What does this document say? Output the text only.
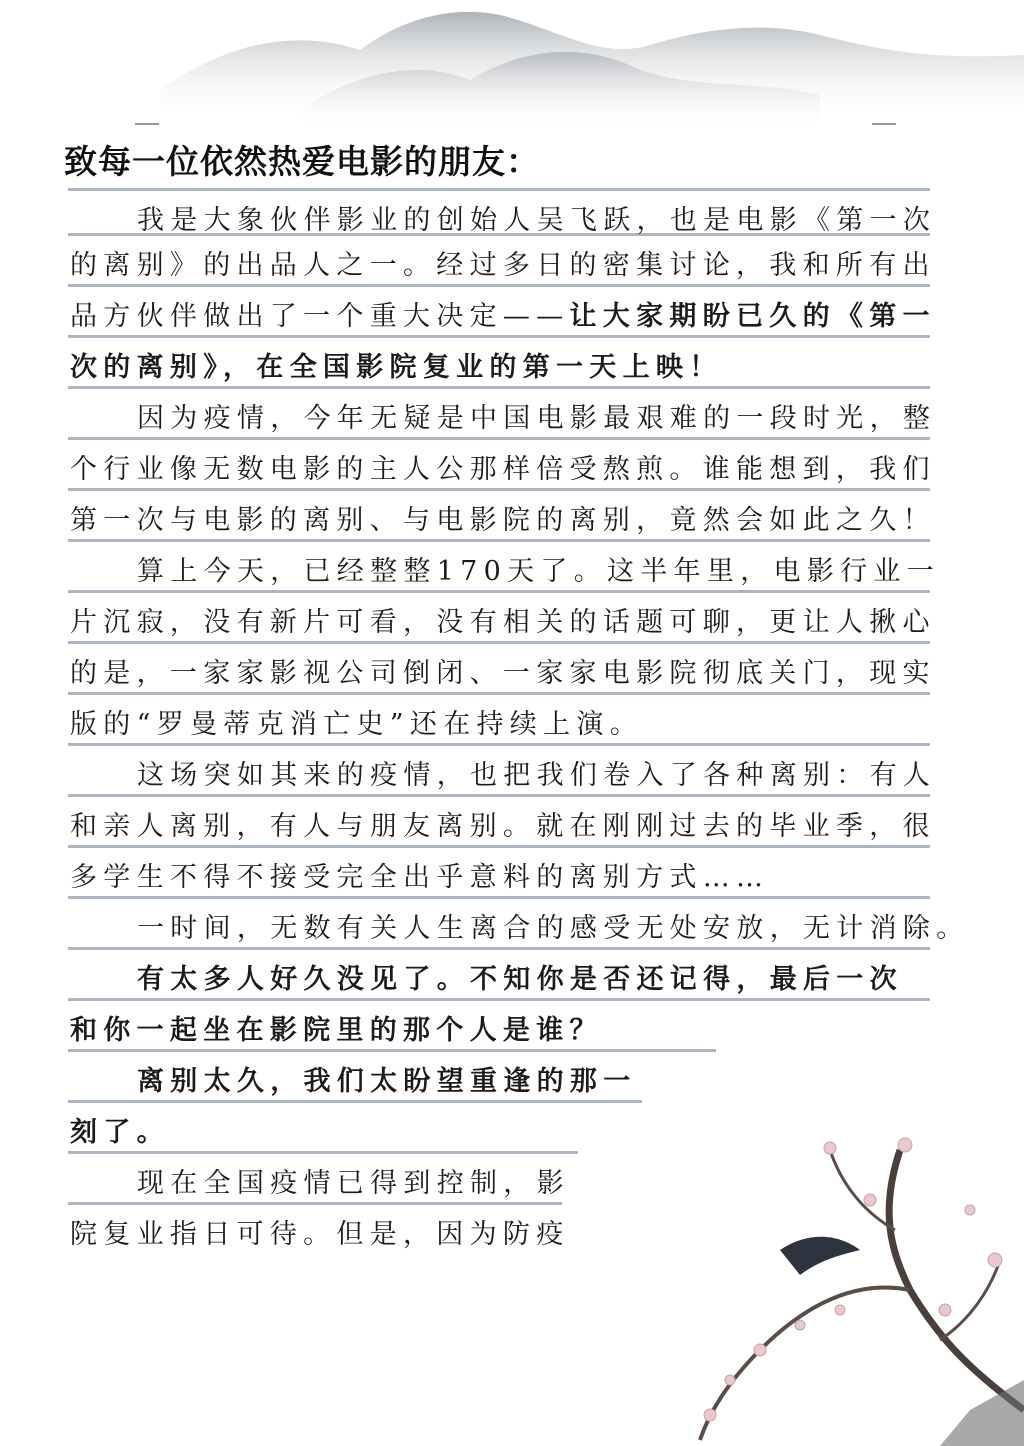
致每一位依然热爱电影的朋友：
我是大象伙伴影业的创始人吴飞跃，也是电影《第一次
的离别》的出品人之一。经过多日的密集讨论，我和所有出
品方伙伴做出了一个重大决定——让大家期盼已久的《第一
次的离别》，在全国影院复业的第一天上映！
因为疫情，今年无疑是中国电影最艰难的一段时光，整
个行业像无数电影的主人公那样倍受熬煎。谁能想到，我们
第一次与电影的离别、与电影院的离别，竟然会如此之久！
算上今天，已经整整170天了。这半年里，电影行业一
片沉寂，没有新片可看，没有相关的话题可聊，更让人揪心
的是，一家家影视公司倒闭、一家家电影院彻底关门，现实
版的“罗曼蒂克消亡史”还在持续上演。
这场突如其来的疫情，也把我们卷入了各种离别：有人
和亲人离别，有人与朋友离别。就在刚刚过去的毕业季，很
多学生不得不接受完全出乎意料的离别方式……
一时间，无数有关人生离合的感受无处安放，无计消除。
有太多人好久没见了。不知你是否还记得，最后一次
和你一起坐在影院里的那个人是谁？
离别太久，我们太盼望重逢的那一
刻了。
现在全国疫情已得到控制，影
院复业指日可待。但是，因为防疫
